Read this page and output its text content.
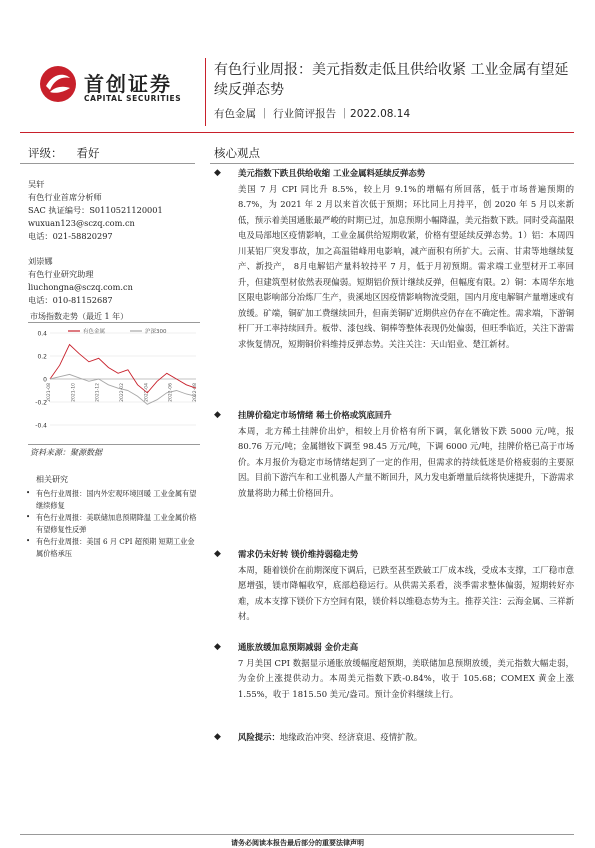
首创证券
CAPITAL SECURITIES
有色行业周报：美元指数走低且供给收紧 工业金属有望延续反弹态势
有色金属 ｜ 行业简评报告 ｜2022.08.14
评级： 看好
吴轩
有色行业首席分析师
SAC 执证编号：S0110521120001
wuxuan123@sczq.com.cn
电话：021-58820297
刘崇娜
有色行业研究助理
liuchongna@sczq.com.cn
电话：010-81152687
市场指数走势（最近 1 年）
0.4
0.2
0
-0.2
-0.4
2021-08	2021-10	2021-12	2022-02	2022-04	2022-06	2022-08
有色金属	沪深300
资料来源：聚源数据
相关研究
• 有色行业周报：国内外宏观环境回暖 工业金属有望继续修复
• 有色行业周报：美联储加息预期降温 工业金属价格有望修复性反弹
• 有色行业周报：美国 6 月 CPI 超预期 短期工业金属价格承压
核心观点
◆ 美元指数下跌且供给收缩 工业金属料延续反弹态势
美国 7 月 CPI 同比升 8.5%，较上月 9.1%的增幅有所回落，低于市场普遍预期的 8.7%，为 2021 年 2 月以来首次低于预期；环比同上月持平，创 2020 年 5 月以来新低，预示着美国通胀最严峻的时期已过，加息预期小幅降温，美元指数下跌。同时受高温限电及局部地区疫情影响，工业金属供给短期收紧，价格有望延续反弹态势。1）铝：本周四川某铝厂突发事故，加之高温错峰用电影响，减产面积有所扩大。云南、甘肃等地继续复产、新投产， 8月电解铝产量料较持平 7 月，低于月初预期。需求端工业型材开工率回升，但建筑型材依然表现偏弱。短期铝价预计继续反弹，但幅度有限。2）铜：本周华东地区限电影响部分冶炼厂生产，贵溪地区因疫情影响物流受阻，国内月度电解铜产量增速或有放缓。矿端，铜矿加工费继续回升，但南美铜矿近期供应仍存在不确定性。需求端，下游铜杆厂开工率持续回升。板带、漆包线、铜棒等整体表现仍处偏弱，但旺季临近，关注下游需求恢复情况，短期铜价料维持反弹态势。关注关注：天山铝业、楚江新材。
◆ 挂牌价稳定市场情绪 稀土价格或筑底回升
本周，北方稀土挂牌价出炉，相较上月价格有所下调，氧化镨钕下跌 5000 元/吨，报 80.76 万元/吨；金属镨钕下调至 98.45 万元/吨，下调 6000 元/吨，挂牌价格已高于市场价。本月报价为稳定市场情绪起到了一定的作用，但需求的持续低迷是价格疲弱的主要原因。目前下游汽车和工业机器人产量不断回升，风力发电新增量后续将快速提升，下游需求放量将助力稀土价格回升。
◆ 需求仍未好转 镁价维持弱稳走势
本周，随着镁价在前期深度下调后，已跌至甚至跌破工厂成本线，受成本支撑，工厂稳市意愿增强，镁市降幅收窄，底部趋稳运行。从供需关系看，淡季需求整体偏弱，短期转好亦难，成本支撑下镁价下方空间有限，镁价料以维稳态势为主。推荐关注：云海金属、三祥新材。
◆ 通胀放缓加息预期减弱 金价走高
7 月美国 CPI 数据显示通胀放缓幅度超预期，美联储加息预期放缓，美元指数大幅走弱，为金价上涨提供动力。本周美元指数下跌-0.84%，收于 105.68；COMEX 黄金上涨 1.55%，收于 1815.50 美元/盎司。预计金价料继续上行。
◆ 风险提示：地缘政治冲突、经济衰退、疫情扩散。
请务必阅读本报告最后部分的重要法律声明
